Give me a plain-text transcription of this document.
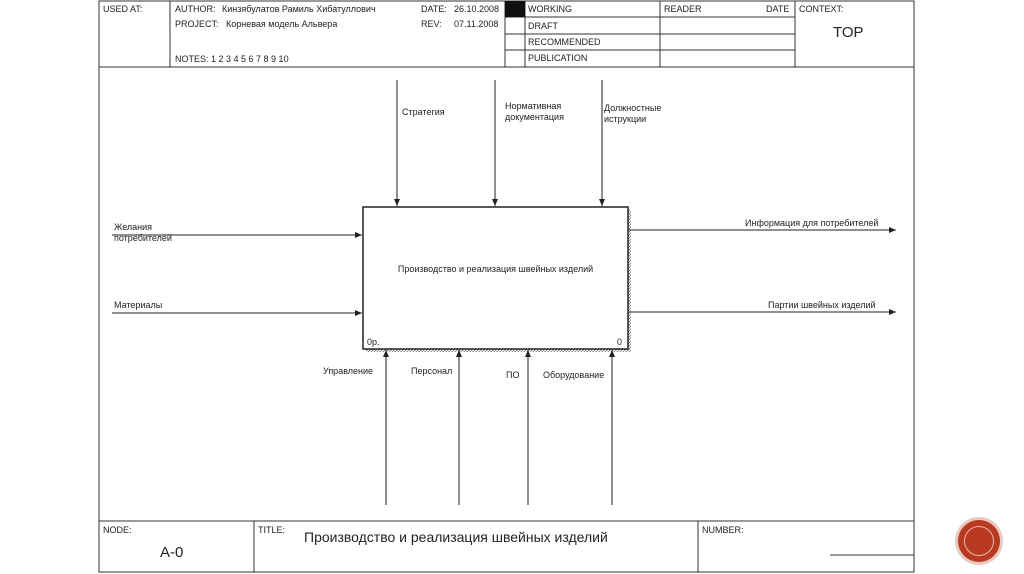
USED AT:	AUTHOR: Кинзябулатов Рамиль Хибатуллович
PROJECT: Корневая модель Альвера
NOTES: 1 2 3 4 5 6 7 8 9 10
DATE: 26.10.2008
REV: 07.11.2008
WORKING
DRAFT
RECOMMENDED
PUBLICATION
READER	DATE CONTEXT:
TOP
Производство и реализация швейных изделий
0р.	0
Стратегия
Нормативная документация
Должностные иструкции
Желания потребителей
Материалы
Информация для потребителей
Партии швейных изделий
Управление	Персонал	ПО	Оборудование
NODE:
A-0
TITLE: Производство и реализация швейных изделий	NUMBER:
